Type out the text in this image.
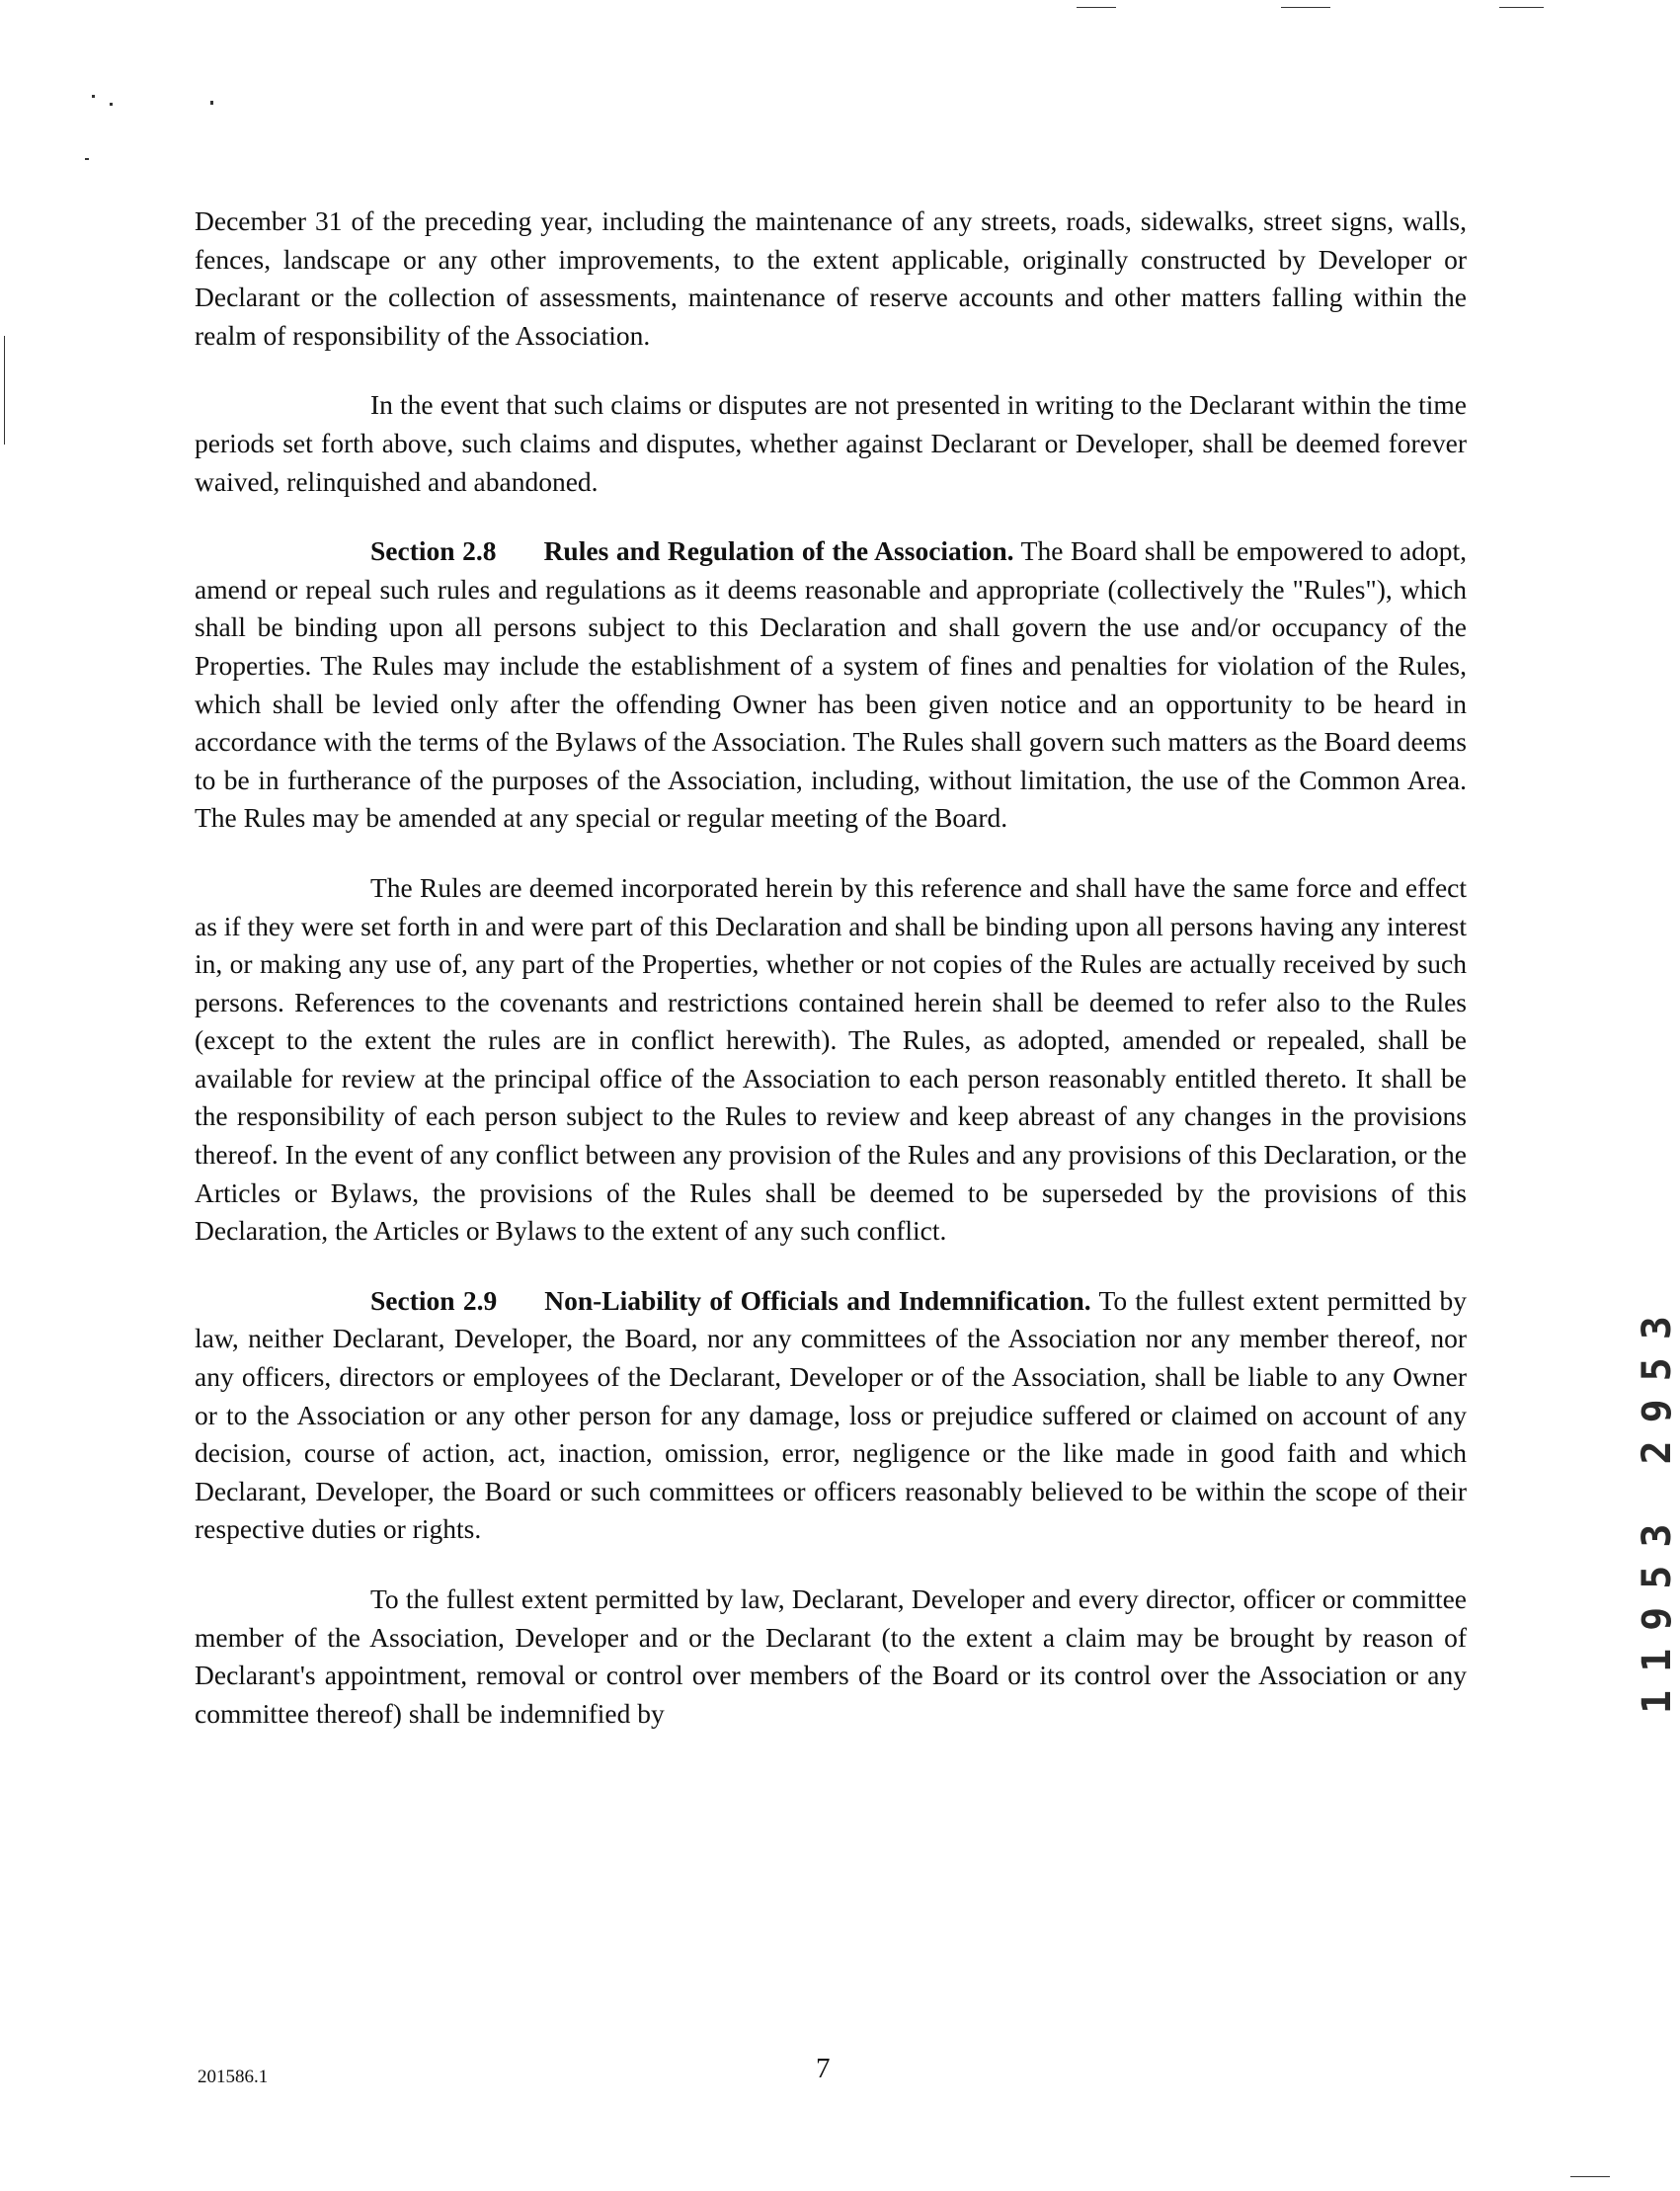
December 31 of the preceding year, including the maintenance of any streets, roads, sidewalks, street signs, walls, fences, landscape or any other improvements, to the extent applicable, originally constructed by Developer or Declarant or the collection of assessments, maintenance of reserve accounts and other matters falling within the realm of responsibility of the Association.

In the event that such claims or disputes are not presented in writing to the Declarant within the time periods set forth above, such claims and disputes, whether against Declarant or Developer, shall be deemed forever waived, relinquished and abandoned.

Section 2.8 Rules and Regulation of the Association. The Board shall be empowered to adopt, amend or repeal such rules and regulations as it deems reasonable and appropriate (collectively the "Rules"), which shall be binding upon all persons subject to this Declaration and shall govern the use and/or occupancy of the Properties. The Rules may include the establishment of a system of fines and penalties for violation of the Rules, which shall be levied only after the offending Owner has been given notice and an opportunity to be heard in accordance with the terms of the Bylaws of the Association. The Rules shall govern such matters as the Board deems to be in furtherance of the purposes of the Association, including, without limitation, the use of the Common Area. The Rules may be amended at any special or regular meeting of the Board.

The Rules are deemed incorporated herein by this reference and shall have the same force and effect as if they were set forth in and were part of this Declaration and shall be binding upon all persons having any interest in, or making any use of, any part of the Properties, whether or not copies of the Rules are actually received by such persons. References to the covenants and restrictions contained herein shall be deemed to refer also to the Rules (except to the extent the rules are in conflict herewith). The Rules, as adopted, amended or repealed, shall be available for review at the principal office of the Association to each person reasonably entitled thereto. It shall be the responsibility of each person subject to the Rules to review and keep abreast of any changes in the provisions thereof. In the event of any conflict between any provision of the Rules and any provisions of this Declaration, or the Articles or Bylaws, the provisions of the Rules shall be deemed to be superseded by the provisions of this Declaration, the Articles or Bylaws to the extent of any such conflict.

Section 2.9 Non-Liability of Officials and Indemnification. To the fullest extent permitted by law, neither Declarant, Developer, the Board, nor any committees of the Association nor any member thereof, nor any officers, directors or employees of the Declarant, Developer or of the Association, shall be liable to any Owner or to the Association or any other person for any damage, loss or prejudice suffered or claimed on account of any decision, course of action, act, inaction, omission, error, negligence or the like made in good faith and which Declarant, Developer, the Board or such committees or officers reasonably believed to be within the scope of their respective duties or rights.

To the fullest extent permitted by law, Declarant, Developer and every director, officer or committee member of the Association, Developer and or the Declarant (to the extent a claim may be brought by reason of Declarant's appointment, removal or control over members of the Board or its control over the Association or any committee thereof) shall be indemnified by

201586.1	7
11953 2953
